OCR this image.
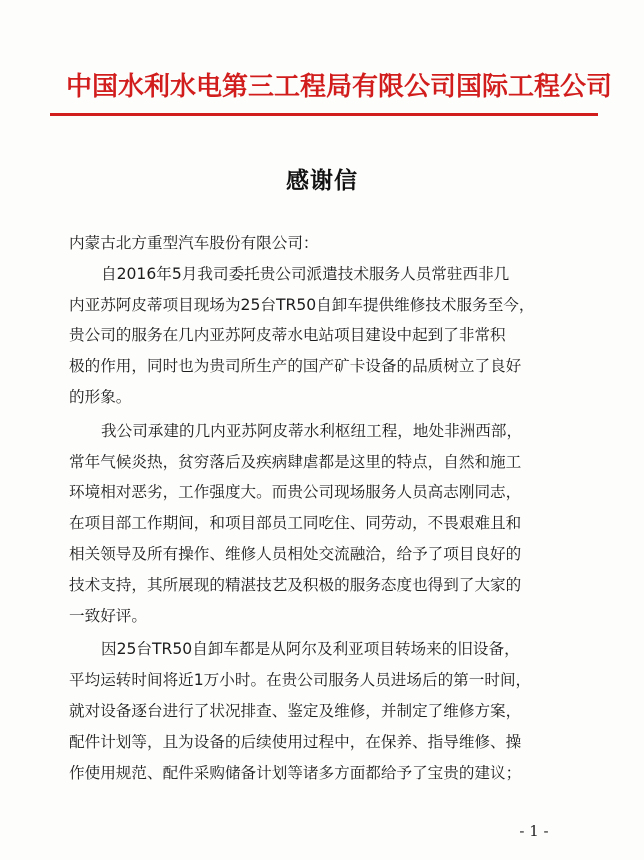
中国水利水电第三工程局有限公司国际工程公司
感谢信
内蒙古北方重型汽车股份有限公司：
自2016年5月我司委托贵公司派遣技术服务人员常驻西非几
内亚苏阿皮蒂项目现场为25台TR50自卸车提供维修技术服务至今，
贵公司的服务在几内亚苏阿皮蒂水电站项目建设中起到了非常积
极的作用，同时也为贵司所生产的国产矿卡设备的品质树立了良好
的形象。
我公司承建的几内亚苏阿皮蒂水利枢纽工程，地处非洲西部，
常年气候炎热，贫穷落后及疾病肆虐都是这里的特点，自然和施工
环境相对恶劣，工作强度大。而贵公司现场服务人员高志刚同志，
在项目部工作期间，和项目部员工同吃住、同劳动，不畏艰难且和
相关领导及所有操作、维修人员相处交流融洽，给予了项目良好的
技术支持，其所展现的精湛技艺及积极的服务态度也得到了大家的
一致好评。
因25台TR50自卸车都是从阿尔及利亚项目转场来的旧设备，
平均运转时间将近1万小时。在贵公司服务人员进场后的第一时间，
就对设备逐台进行了状况排查、鉴定及维修，并制定了维修方案，
配件计划等，且为设备的后续使用过程中，在保养、指导维修、操
作使用规范、配件采购储备计划等诸多方面都给予了宝贵的建议；
- 1 -
